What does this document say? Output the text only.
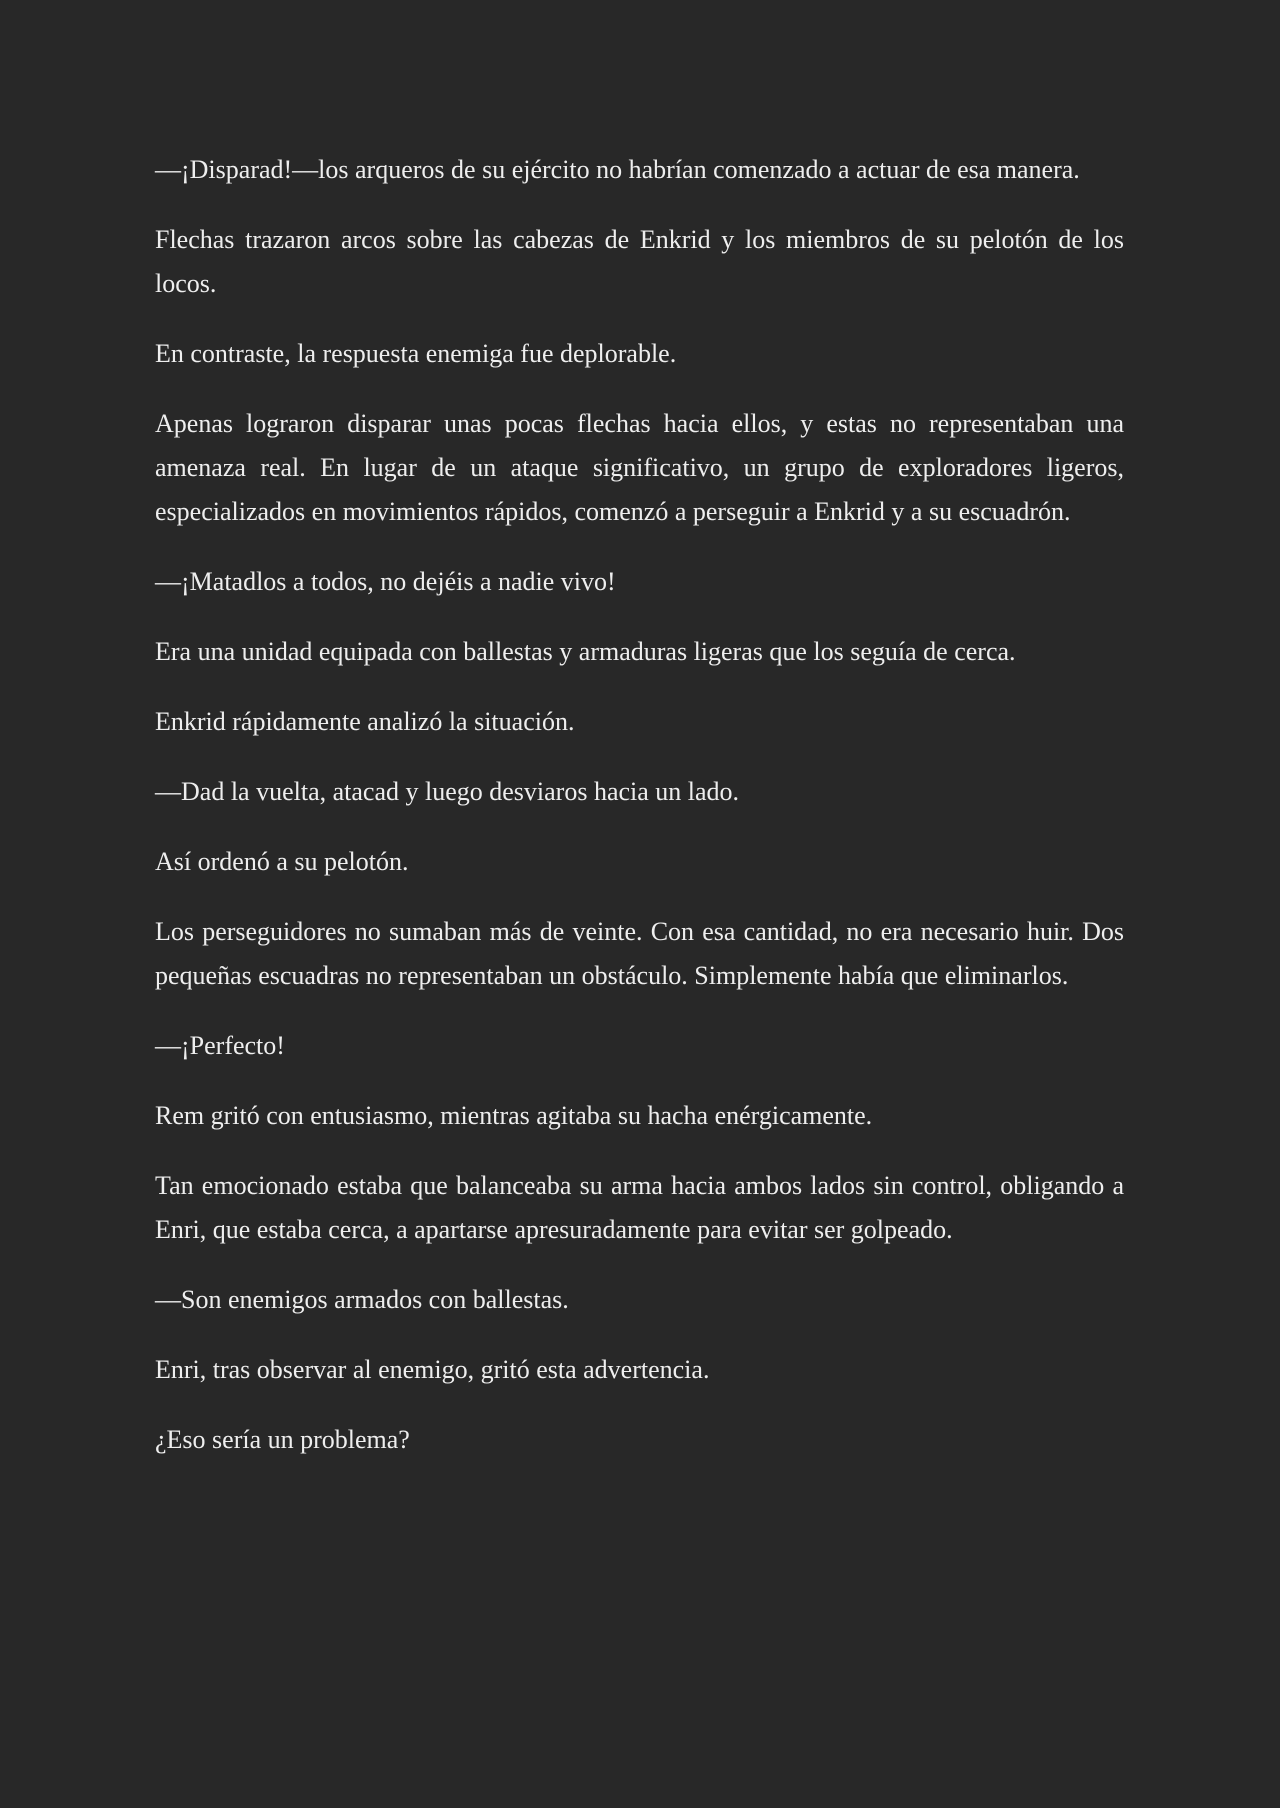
—¡Disparad!—los arqueros de su ejército no habrían comenzado a actuar de esa manera.

Flechas trazaron arcos sobre las cabezas de Enkrid y los miembros de su pelotón de los locos.

En contraste, la respuesta enemiga fue deplorable.

Apenas lograron disparar unas pocas flechas hacia ellos, y estas no representaban una amenaza real. En lugar de un ataque significativo, un grupo de exploradores ligeros, especializados en movimientos rápidos, comenzó a perseguir a Enkrid y a su escuadrón.

—¡Matadlos a todos, no dejéis a nadie vivo!

Era una unidad equipada con ballestas y armaduras ligeras que los seguía de cerca.

Enkrid rápidamente analizó la situación.

—Dad la vuelta, atacad y luego desviaros hacia un lado.

Así ordenó a su pelotón.

Los perseguidores no sumaban más de veinte. Con esa cantidad, no era necesario huir. Dos pequeñas escuadras no representaban un obstáculo. Simplemente había que eliminarlos.

—¡Perfecto!

Rem gritó con entusiasmo, mientras agitaba su hacha enérgicamente.

Tan emocionado estaba que balanceaba su arma hacia ambos lados sin control, obligando a Enri, que estaba cerca, a apartarse apresuradamente para evitar ser golpeado.

—Son enemigos armados con ballestas.

Enri, tras observar al enemigo, gritó esta advertencia.

¿Eso sería un problema?
